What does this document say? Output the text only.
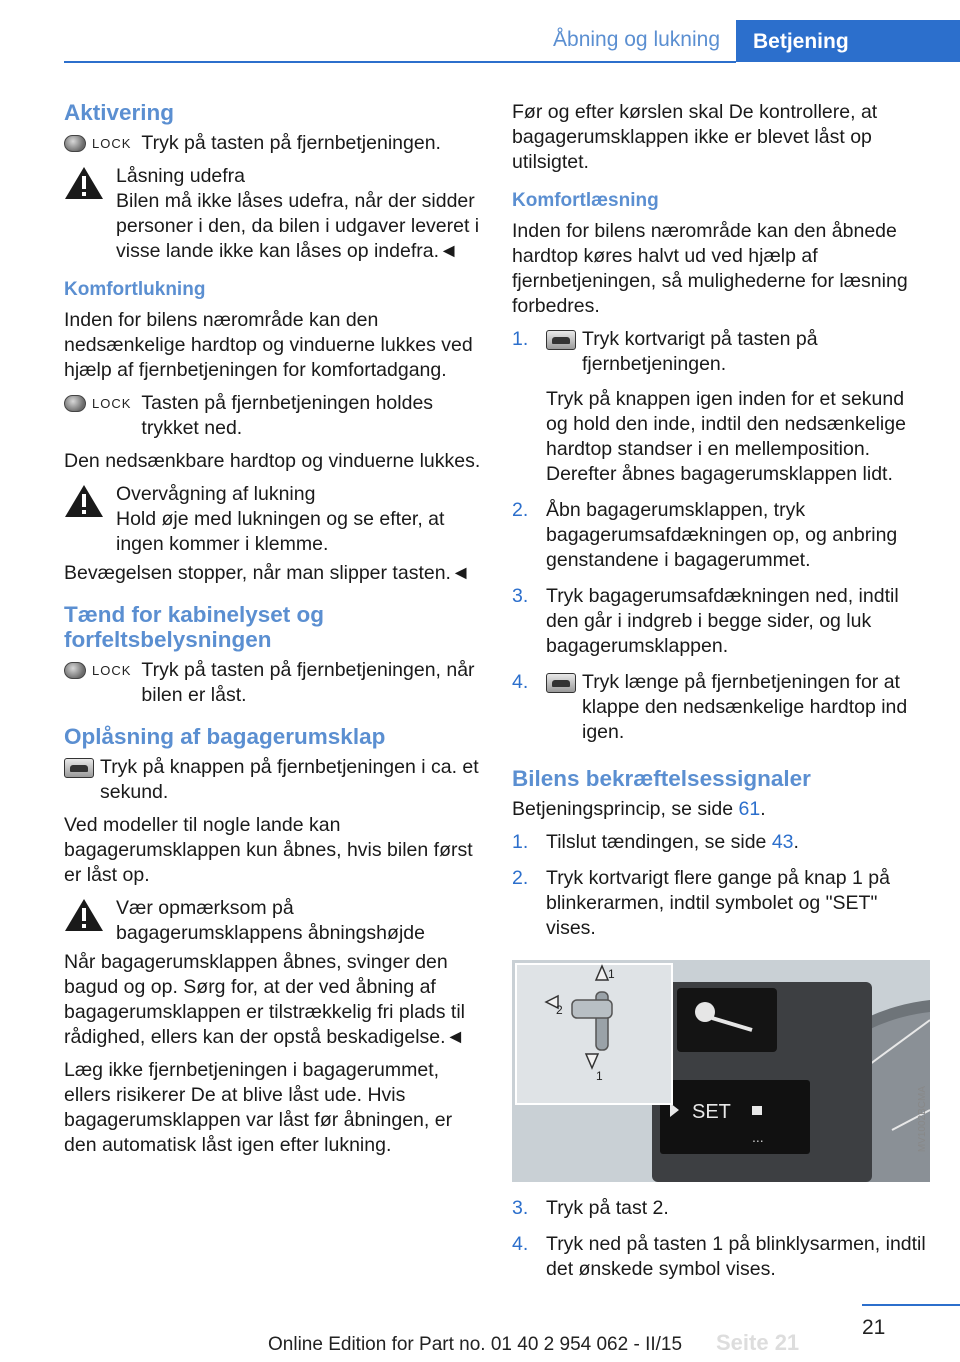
Åbning og lukning	Betjening
Aktivering
LOCK Tryk på tasten på fjernbetjeningen.

Låsning udefra
Bilen må ikke låses udefra, når der sidder personer i den, da bilen i udgaver leveret i visse lande ikke kan låses op indefra.◄
Komfortlukning

Inden for bilens nærområde kan den nedsænkelige hardtop og vinduerne lukkes ved hjælp af fjernbetjeningen for komfortadgang.

LOCK Tasten på fjernbetjeningen holdes trykket ned.

Den nedsænkbare hardtop og vinduerne lukkes.

Overvågning af lukning
Hold øje med lukningen og se efter, at ingen kommer i klemme.

Bevægelsen stopper, når man slipper tasten.◄

Tænd for kabinelyset og forfeltsbelysningen
LOCK Tryk på tasten på fjernbetjeningen, når bilen er låst.

Oplåsning af bagagerumsklap

Tryk på knappen på fjernbetjeningen i ca. et sekund.

Ved modeller til nogle lande kan bagagerumsklappen kun åbnes, hvis bilen først er låst op.

Vær opmærksom på bagagerumsklappens åbningshøjde

Når bagagerumsklappen åbnes, svinger den bagud og op. Sørg for, at der ved åbning af bagagerumsklappen er tilstrækkelig fri plads til rådighed, ellers kan der opstå beskadigelse.◄

Læg ikke fjernbetjeningen i bagagerummet, ellers risikerer De at blive låst ude. Hvis bagagerumsklappen var låst før åbningen, er den automatisk låst igen efter lukning.

Før og efter kørslen skal De kontrollere, at bagagerumsklappen ikke er blevet låst op utilsigtet.

Komfortlæsning

Inden for bilens nærområde kan den åbnede hardtop køres halvt ud ved hjælp af fjernbetjeningen, så mulighederne for læsning forbedres.

1.	Tryk kortvarigt på tasten på fjernbetjeningen.

Tryk på knappen igen inden for et sekund og hold den inde, indtil den nedsænkelige hardtop standser i en mellemposition. Derefter åbnes bagagerumsklappen lidt.

2. Åbn bagagerumsklappen, tryk bagagerumsafdækningen op, og anbring genstandene i bagagerummet.

3. Tryk bagagerumsafdækningen ned, indtil den går i indgreb i begge sider, og luk bagagerumsklappen.

4.	Tryk længe på fjernbetjeningen for at klappe den nedsænkelige hardtop ind igen.

Bilens bekræftelsessignaler

Betjeningsprincip, se side 61.

1. Tilslut tændingen, se side 43.

2. Tryk kortvarigt flere gange på knap 1 på blinkerarmen, indtil symbolet og "SET" vises.

SET
...
1
2
1
MV1002BCMA
3. Tryk på tast 2.

4. Tryk ned på tasten 1 på blinklysarmen, indtil det ønskede symbol vises.

21
Seite 21
Online Edition for Part no. 01 40 2 954 062 - II/15
